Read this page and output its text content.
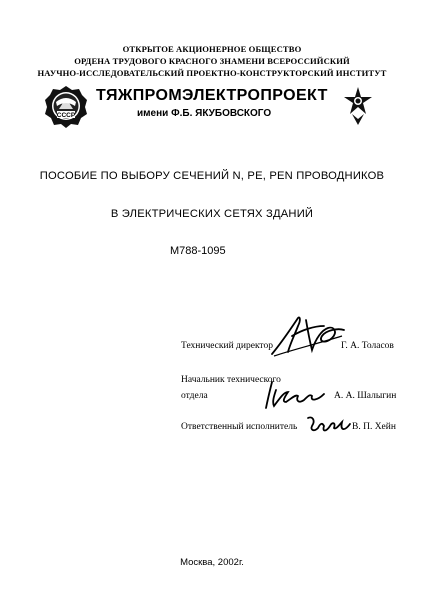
ОТКРЫТОЕ АКЦИОНЕРНОЕ ОБЩЕСТВО
ОРДЕНА ТРУДОВОГО КРАСНОГО ЗНАМЕНИ ВСЕРОССИЙСКИЙ
НАУЧНО-ИССЛЕДОВАТЕЛЬСКИЙ ПРОЕКТНО-КОНСТРУКТОРСКИЙ ИНСТИТУТ
СССР
ТЯЖПРОМЭЛЕКТРОПРОЕКТ
имени Ф.Б. ЯКУБОВСКОГО
ПОСОБИЕ ПО ВЫБОРУ СЕЧЕНИЙ N, PE, PEN ПРОВОДНИКОВ
В ЭЛЕКТРИЧЕСКИХ СЕТЯХ ЗДАНИЙ
М788-1095
Технический директор	Г. А. Толасов
Начальник технического
отдела	А. А. Шалыгин
Ответственный исполнитель	В. П. Хейн
Москва, 2002г.
